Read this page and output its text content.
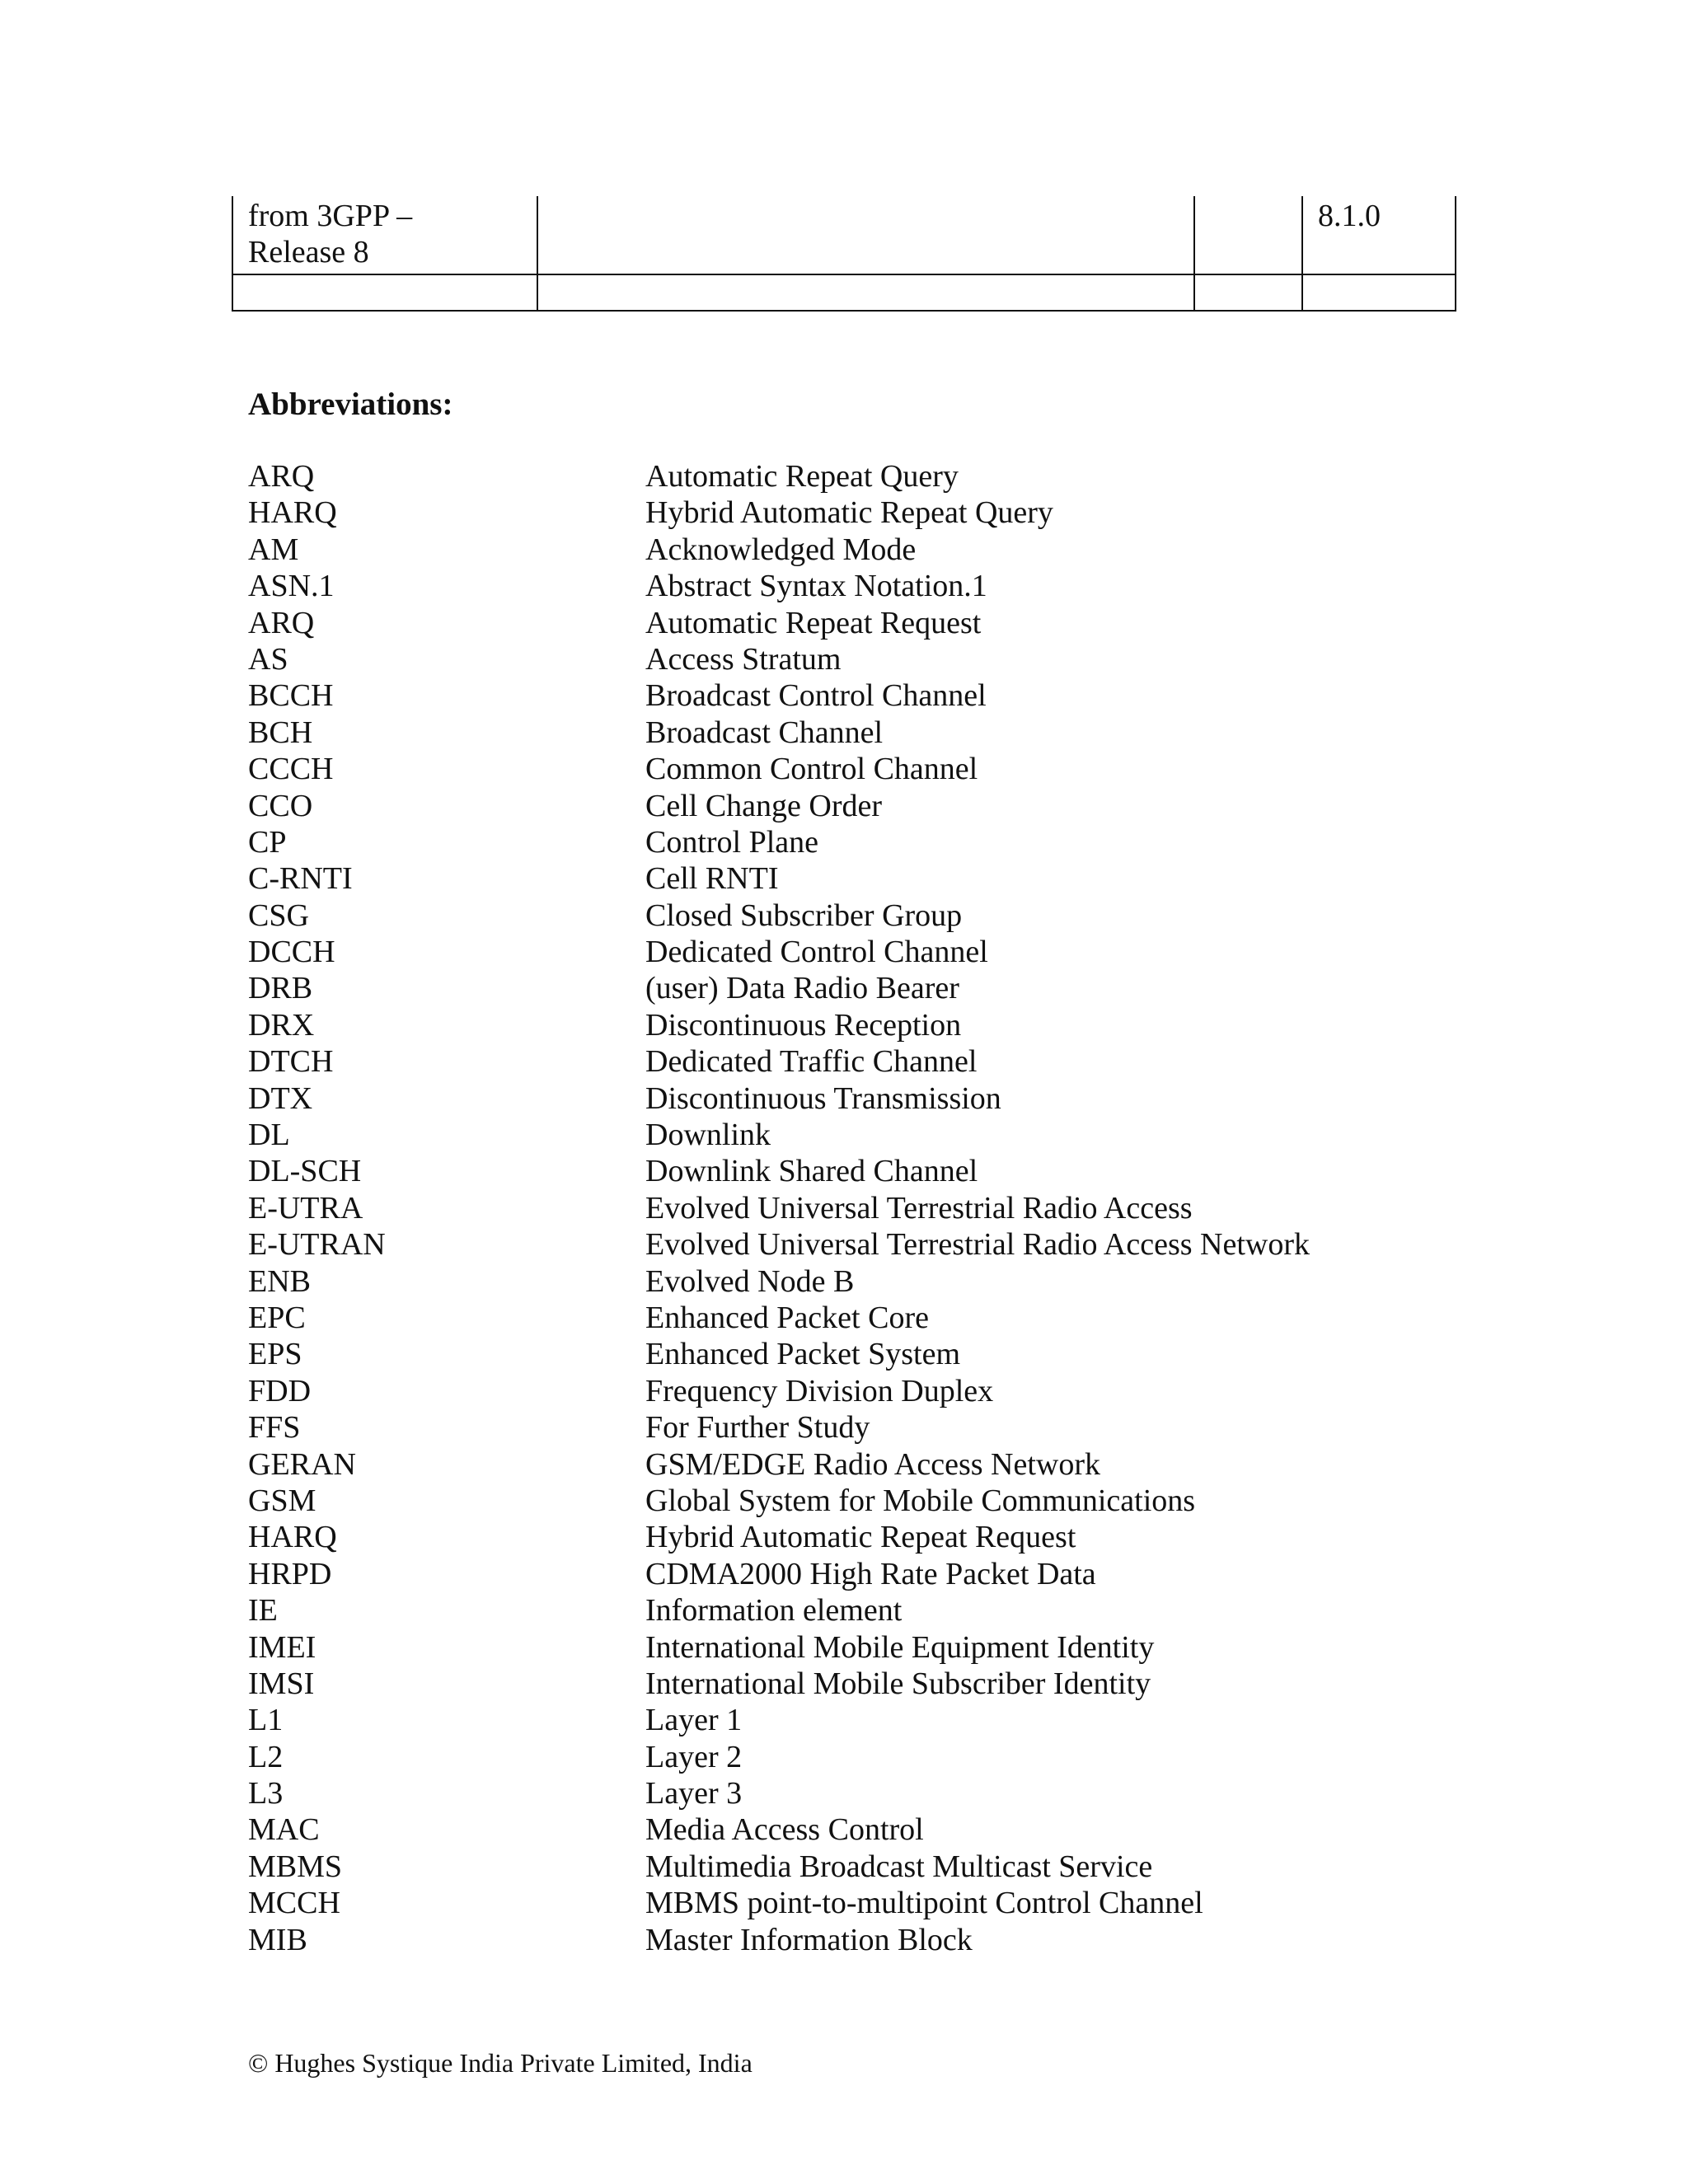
from 3GPP –
Release 8			8.1.0

Abbreviations:
ARQ	Automatic Repeat Query
HARQ	Hybrid Automatic Repeat Query
AM	Acknowledged Mode
ASN.1	Abstract Syntax Notation.1
ARQ	Automatic Repeat Request
AS	Access Stratum
BCCH	Broadcast Control Channel
BCH	Broadcast Channel
CCCH	Common Control Channel
CCO	Cell Change Order
CP	Control Plane
C-RNTI	Cell RNTI
CSG	Closed Subscriber Group
DCCH	Dedicated Control Channel
DRB	(user) Data Radio Bearer
DRX	Discontinuous Reception
DTCH	Dedicated Traffic Channel
DTX	Discontinuous Transmission
DL	Downlink
DL-SCH	Downlink Shared Channel
E-UTRA	Evolved Universal Terrestrial Radio Access
E-UTRAN	Evolved Universal Terrestrial Radio Access Network
ENB	Evolved Node B
EPC	Enhanced Packet Core
EPS	Enhanced Packet System
FDD	Frequency Division Duplex
FFS	For Further Study
GERAN	GSM/EDGE Radio Access Network
GSM	Global System for Mobile Communications
HARQ	Hybrid Automatic Repeat Request
HRPD	CDMA2000 High Rate Packet Data
IE	Information element
IMEI	International Mobile Equipment Identity
IMSI	International Mobile Subscriber Identity
L1	Layer 1
L2	Layer 2
L3	Layer 3
MAC	Media Access Control
MBMS	Multimedia Broadcast Multicast Service
MCCH	MBMS point-to-multipoint Control Channel
MIB	Master Information Block
© Hughes Systique India Private Limited, India
